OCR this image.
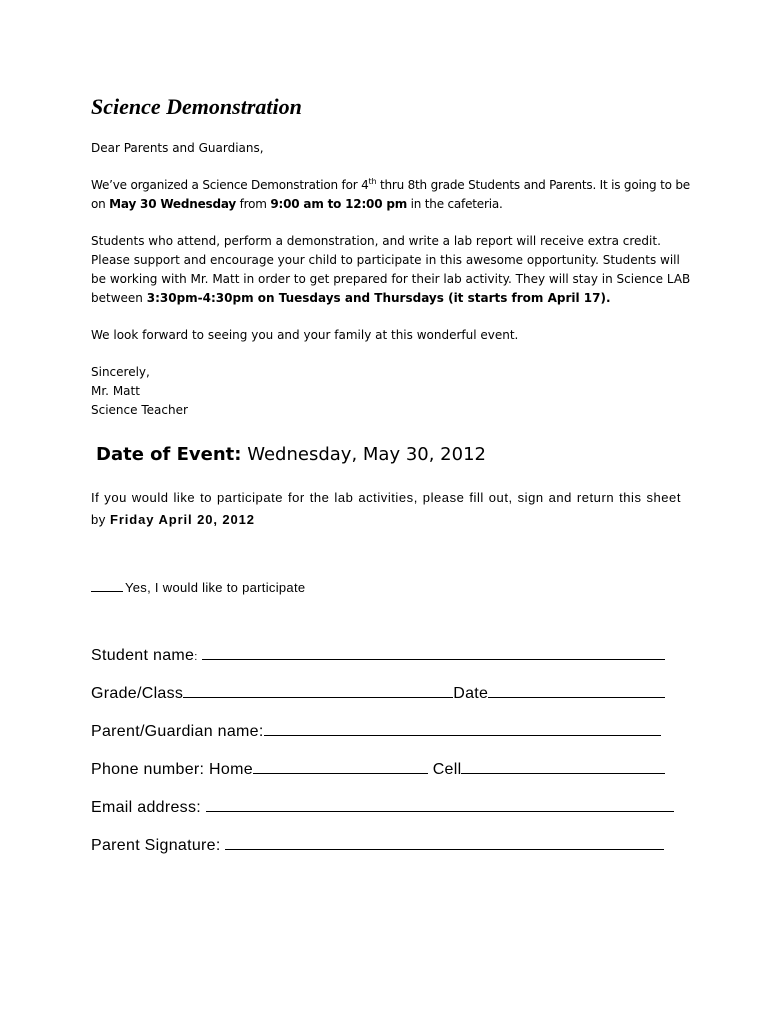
Science Demonstration

Dear Parents and Guardians,

We’ve organized a Science Demonstration for 4th thru 8th grade Students and Parents. It is going to be on May 30 Wednesday from 9:00 am to 12:00 pm in the cafeteria.

Students who attend, perform a demonstration, and write a lab report will receive extra credit. Please support and encourage your child to participate in this awesome opportunity. Students will be working with Mr. Matt in order to get prepared for their lab activity. They will stay in Science LAB between 3:30pm-4:30pm on Tuesdays and Thursdays (it starts from April 17).

We look forward to seeing you and your family at this wonderful event.

Sincerely,

Mr. Matt

Science Teacher

Date of Event: Wednesday, May 30, 2012
If you would like to participate for the lab activities, please fill out, sign and return this sheet by Friday April 20, 2012
Yes, I would like to participate
Student name:
Grade/Class	Date
Parent/Guardian name:
Phone number: Home	Cell
Email address:
Parent Signature:
